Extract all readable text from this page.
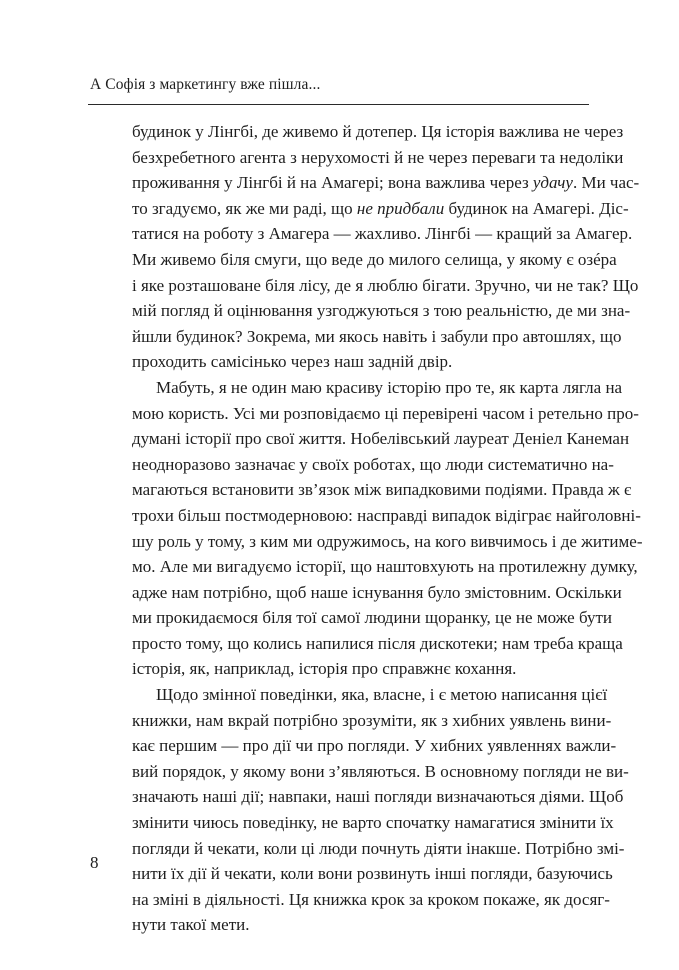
А Софія з маркетингу вже пішла...
будинок у Лінгбі, де живемо й дотепер. Ця історія важлива не через
безхребетного агента з нерухомості й не через переваги та недоліки
проживання у Лінгбі й на Амагері; вона важлива через удачу. Ми час-
то згадуємо, як же ми раді, що не придбали будинок на Амагері. Діс-
татися на роботу з Амагера — жахливо. Лінгбі — кращий за Амагер.
Ми живемо біля смуги, що веде до милого селища, у якому є озéра
і яке розташоване біля лісу, де я люблю бігати. Зручно, чи не так? Що
мій погляд й оцінювання узгоджуються з тою реальністю, де ми зна-
йшли будинок? Зокрема, ми якось навіть і забули про автошлях, що
проходить самісінько через наш задній двір.
Мабуть, я не один маю красиву історію про те, як карта лягла на
мою користь. Усі ми розповідаємо ці перевірені часом і ретельно про-
думані історії про свої життя. Нобелівський лауреат Деніел Канеман
неодноразово зазначає у своїх роботах, що люди систематично на-
магаються встановити зв’язок між випадковими подіями. Правда ж є
трохи більш постмодерновою: насправді випадок відіграє найголовні-
шу роль у тому, з ким ми одружимось, на кого вивчимось і де житиме-
мо. Але ми вигадуємо історії, що наштовхують на протилежну думку,
адже нам потрібно, щоб наше існування було змістовним. Оскільки
ми прокидаємося біля тої самої людини щоранку, це не може бути
просто тому, що колись напилися після дискотеки; нам треба краща
історія, як, наприклад, історія про справжнє кохання.
Щодо змінної поведінки, яка, власне, і є метою написання цієї
книжки, нам вкрай потрібно зрозуміти, як з хибних уявлень вини-
кає першим — про дії чи про погляди. У хибних уявленнях важли-
вий порядок, у якому вони з’являються. В основному погляди не ви-
значають наші дії; навпаки, наші погляди визначаються діями. Щоб
змінити чиюсь поведінку, не варто спочатку намагатися змінити їх
погляди й чекати, коли ці люди почнуть діяти інакше. Потрібно змі-
нити їх дії й чекати, коли вони розвинуть інші погляди, базуючись
на зміні в діяльності. Ця книжка крок за кроком покаже, як досяг-
нути такої мети.
8
